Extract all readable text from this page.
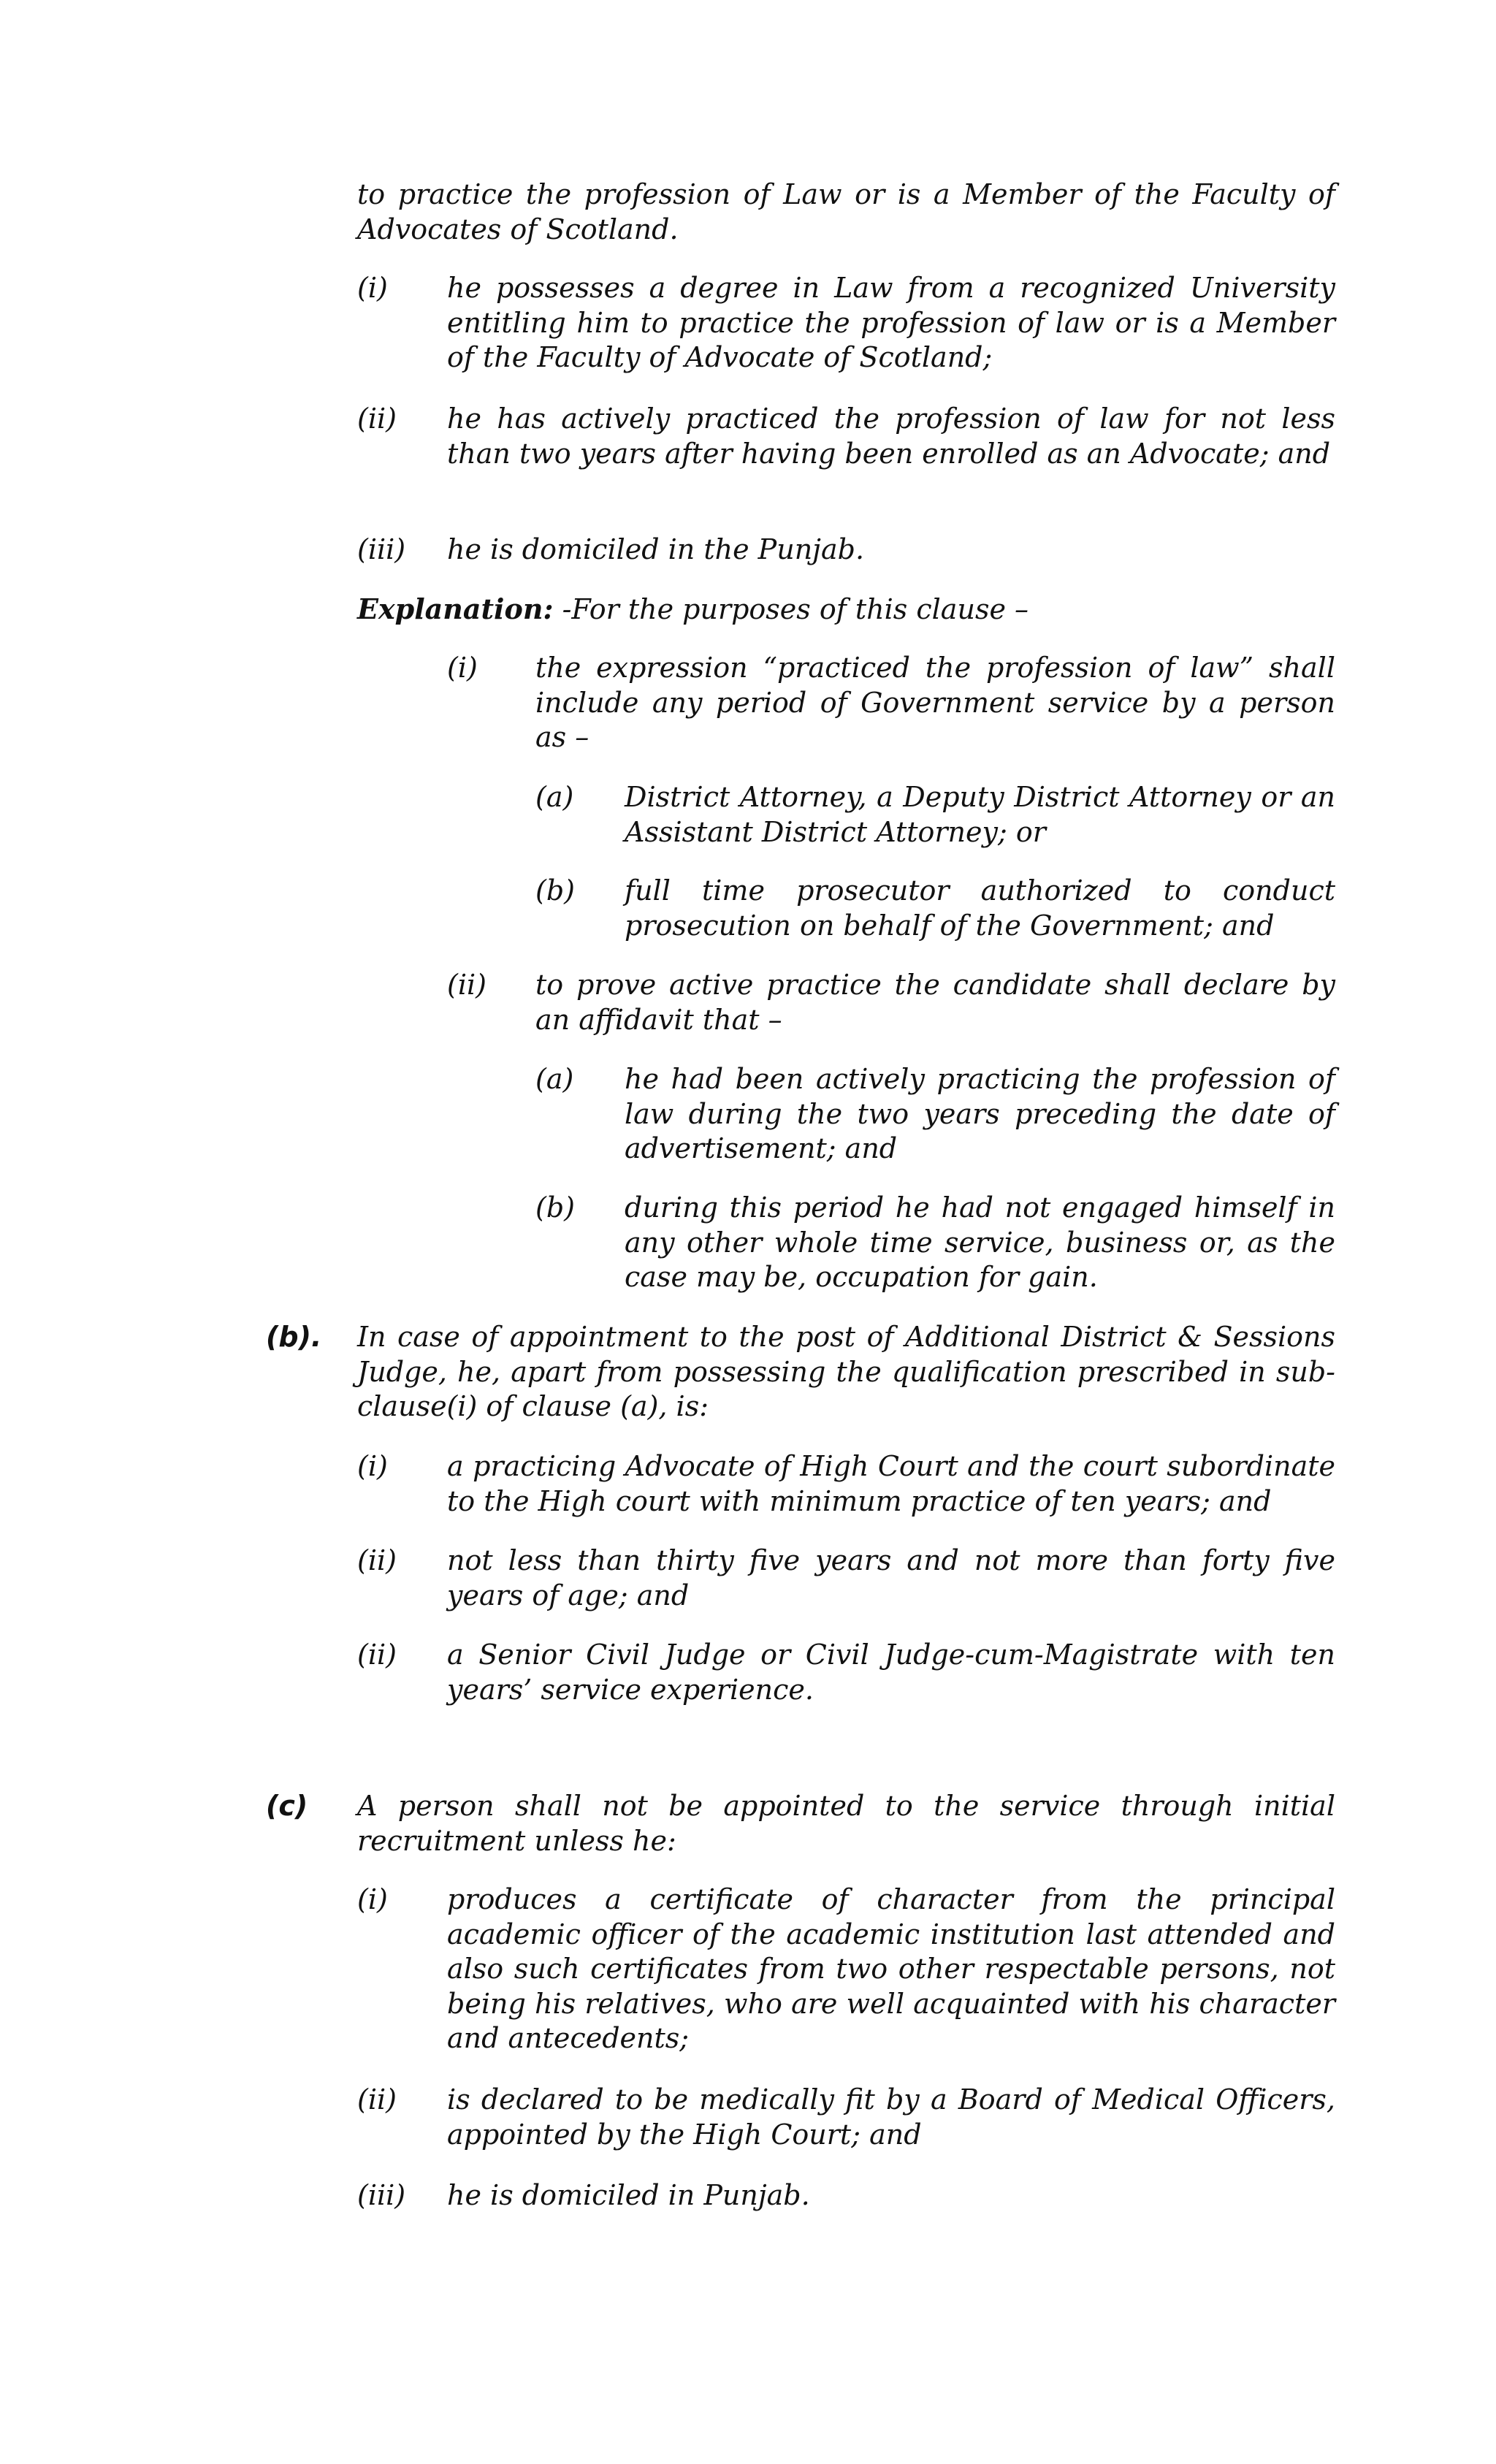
to practice the profession of Law or is a Member of the Faculty of Advocates of Scotland.

(i) he possesses a degree in Law from a recognized University entitling him to practice the profession of law or is a Member of the Faculty of Advocate of Scotland;

(ii) he has actively practiced the profession of law for not less than two years after having been enrolled as an Advocate; and

(iii) he is domiciled in the Punjab.

Explanation: -For the purposes of this clause –

(i) the expression “practiced the profession of law” shall include any period of Government service by a person as –

(a) District Attorney, a Deputy District Attorney or an Assistant District Attorney; or

(b) full time prosecutor authorized to conduct prosecution on behalf of the Government; and

(ii) to prove active practice the candidate shall declare by an affidavit that –

(a) he had been actively practicing the profession of law during the two years preceding the date of advertisement; and

(b) during this period he had not engaged himself in any other whole time service, business or, as the case may be, occupation for gain.

(b). In case of appointment to the post of Additional District & Sessions Judge, he, apart from possessing the qualification prescribed in sub-clause(i) of clause (a), is:

(i) a practicing Advocate of High Court and the court subordinate to the High court with minimum practice of ten years; and

(ii) not less than thirty five years and not more than forty five years of age; and

(ii) a Senior Civil Judge or Civil Judge-cum-Magistrate with ten years’ service experience.

(c) A person shall not be appointed to the service through initial recruitment unless he:

(i) produces a certificate of character from the principal academic officer of the academic institution last attended and also such certificates from two other respectable persons, not being his relatives, who are well acquainted with his character and antecedents;

(ii) is declared to be medically fit by a Board of Medical Officers, appointed by the High Court; and

(iii) he is domiciled in Punjab.
